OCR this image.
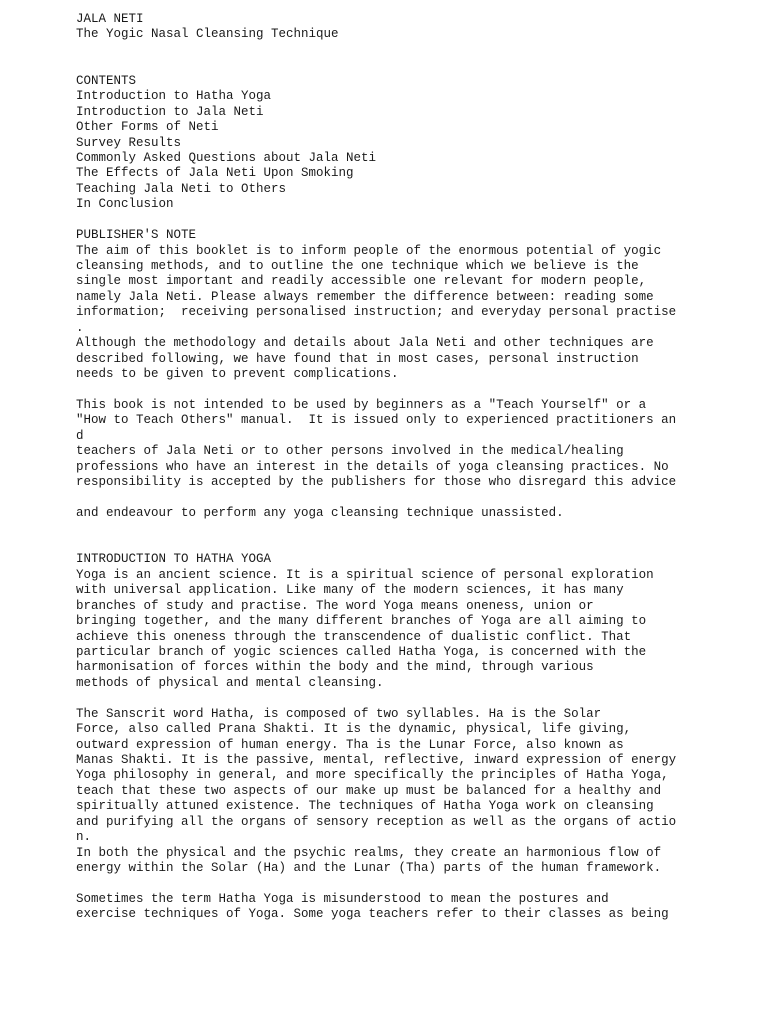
JALA NETI
The Yogic Nasal Cleansing Technique
CONTENTS
Introduction to Hatha Yoga
Introduction to Jala Neti
Other Forms of Neti
Survey Results
Commonly Asked Questions about Jala Neti
The Effects of Jala Neti Upon Smoking
Teaching Jala Neti to Others
In Conclusion
PUBLISHER'S NOTE
The aim of this booklet is to inform people of the enormous potential of yogic
cleansing methods, and to outline the one technique which we believe is the
single most important and readily accessible one relevant for modern people,
namely Jala Neti. Please always remember the difference between: reading some
information;  receiving personalised instruction; and everyday personal practise
.
Although the methodology and details about Jala Neti and other techniques are
described following, we have found that in most cases, personal instruction
needs to be given to prevent complications.
This book is not intended to be used by beginners as a "Teach Yourself" or a
"How to Teach Others" manual.  It is issued only to experienced practitioners an
d
teachers of Jala Neti or to other persons involved in the medical/healing
professions who have an interest in the details of yoga cleansing practices. No
responsibility is accepted by the publishers for those who disregard this advice
and endeavour to perform any yoga cleansing technique unassisted.
INTRODUCTION TO HATHA YOGA
Yoga is an ancient science. It is a spiritual science of personal exploration
with universal application. Like many of the modern sciences, it has many
branches of study and practise. The word Yoga means oneness, union or
bringing together, and the many different branches of Yoga are all aiming to
achieve this oneness through the transcendence of dualistic conflict. That
particular branch of yogic sciences called Hatha Yoga, is concerned with the
harmonisation of forces within the body and the mind, through various
methods of physical and mental cleansing.
The Sanscrit word Hatha, is composed of two syllables. Ha is the Solar
Force, also called Prana Shakti. It is the dynamic, physical, life giving,
outward expression of human energy. Tha is the Lunar Force, also known as
Manas Shakti. It is the passive, mental, reflective, inward expression of energy
Yoga philosophy in general, and more specifically the principles of Hatha Yoga,
teach that these two aspects of our make up must be balanced for a healthy and
spiritually attuned existence. The techniques of Hatha Yoga work on cleansing
and purifying all the organs of sensory reception as well as the organs of actio
n.
In both the physical and the psychic realms, they create an harmonious flow of
energy within the Solar (Ha) and the Lunar (Tha) parts of the human framework.
Sometimes the term Hatha Yoga is misunderstood to mean the postures and
exercise techniques of Yoga. Some yoga teachers refer to their classes as being
